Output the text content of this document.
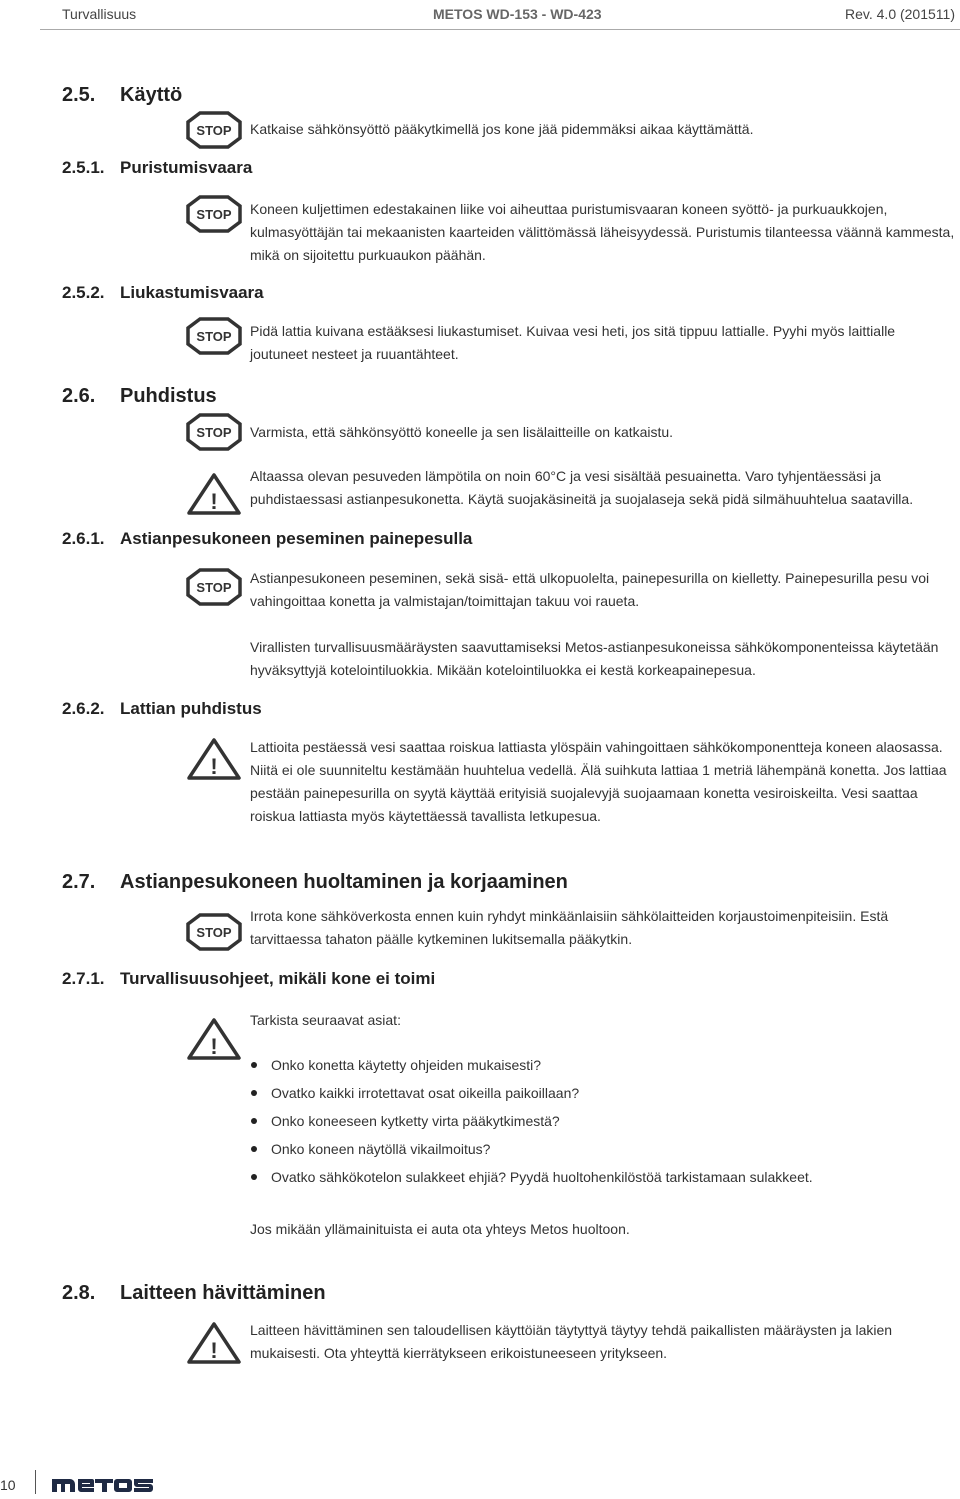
Turvallisuus	METOS WD-153 - WD-423	Rev. 4.0 (201511)
2.5. Käyttö
STOP Katkaise sähkönsyöttö pääkytkimellä jos kone jää pidemmäksi aikaa käyttämättä.
2.5.1. Puristumisvaara
STOP Koneen kuljettimen edestakainen liike voi aiheuttaa puristumisvaaran koneen syöttö- ja purkuaukkojen, kulmasyöttäjän tai mekaanisten kaarteiden välittömässä läheisyydessä. Puristumis tilanteessa väännä kammesta, mikä on sijoitettu purkuaukon päähän.
2.5.2. Liukastumisvaara
STOP Pidä lattia kuivana estääksesi liukastumiset. Kuivaa vesi heti, jos sitä tippuu lattialle. Pyyhi myös laittialle joutuneet nesteet ja ruuantähteet.
2.6. Puhdistus
STOP Varmista, että sähkönsyöttö koneelle ja sen lisälaitteille on katkaistu.
!
Altaassa olevan pesuveden lämpötila on noin 60°C ja vesi sisältää pesuainetta. Varo tyhjentäessäsi ja puhdistaessasi astianpesukonetta. Käytä suojakäsineitä ja suojalaseja sekä pidä silmähuuhtelua saatavilla.
2.6.1. Astianpesukoneen peseminen painepesulla
STOP
Astianpesukoneen peseminen, sekä sisä- että ulkopuolelta, painepesurilla on kielletty. Painepesurilla pesu voi vahingoittaa konetta ja valmistajan/toimittajan takuu voi raueta.
Virallisten turvallisuusmääräysten saavuttamiseksi Metos-astianpesukoneissa sähkökomponenteissa käytetään hyväksyttyjä kotelointiluokkia. Mikään kotelointiluokka ei kestä korkeapainepesua.
2.6.2. Lattian puhdistus
!
Lattioita pestäessä vesi saattaa roiskua lattiasta ylöspäin vahingoittaen sähkökomponentteja koneen alaosassa. Niitä ei ole suunniteltu kestämään huuhtelua vedellä. Älä suihkuta lattiaa 1 metriä lähempänä konetta. Jos lattiaa pestään painepesurilla on syytä käyttää erityisiä suojalevyjä suojaamaan konetta vesiroiskeilta. Vesi saattaa roiskua lattiasta myös käytettäessä tavallista letkupesua.
2.7. Astianpesukoneen huoltaminen ja korjaaminen
STOP
Irrota kone sähköverkosta ennen kuin ryhdyt minkäänlaisiin sähkölaitteiden korjaustoimenpiteisiin. Estä tarvittaessa tahaton päälle kytkeminen lukitsemalla pääkytkin.
2.7.1. Turvallisuusohjeet, mikäli kone ei toimi
!
Tarkista seuraavat asiat:
Onko konetta käytetty ohjeiden mukaisesti?
Ovatko kaikki irrotettavat osat oikeilla paikoillaan?
Onko koneeseen kytketty virta pääkytkimestä?
Onko koneen näytöllä vikailmoitus?
Ovatko sähkökotelon sulakkeet ehjiä? Pyydä huoltohenkilöstöä tarkistamaan sulakkeet.
Jos mikään yllämainituista ei auta ota yhteys Metos huoltoon.
2.8. Laitteen hävittäminen
!
Laitteen hävittäminen sen taloudellisen käyttöiän täytyttyä täytyy tehdä paikallisten määräysten ja lakien mukaisesti. Ota yhteyttä kierrätykseen erikoistuneeseen yritykseen.
10
